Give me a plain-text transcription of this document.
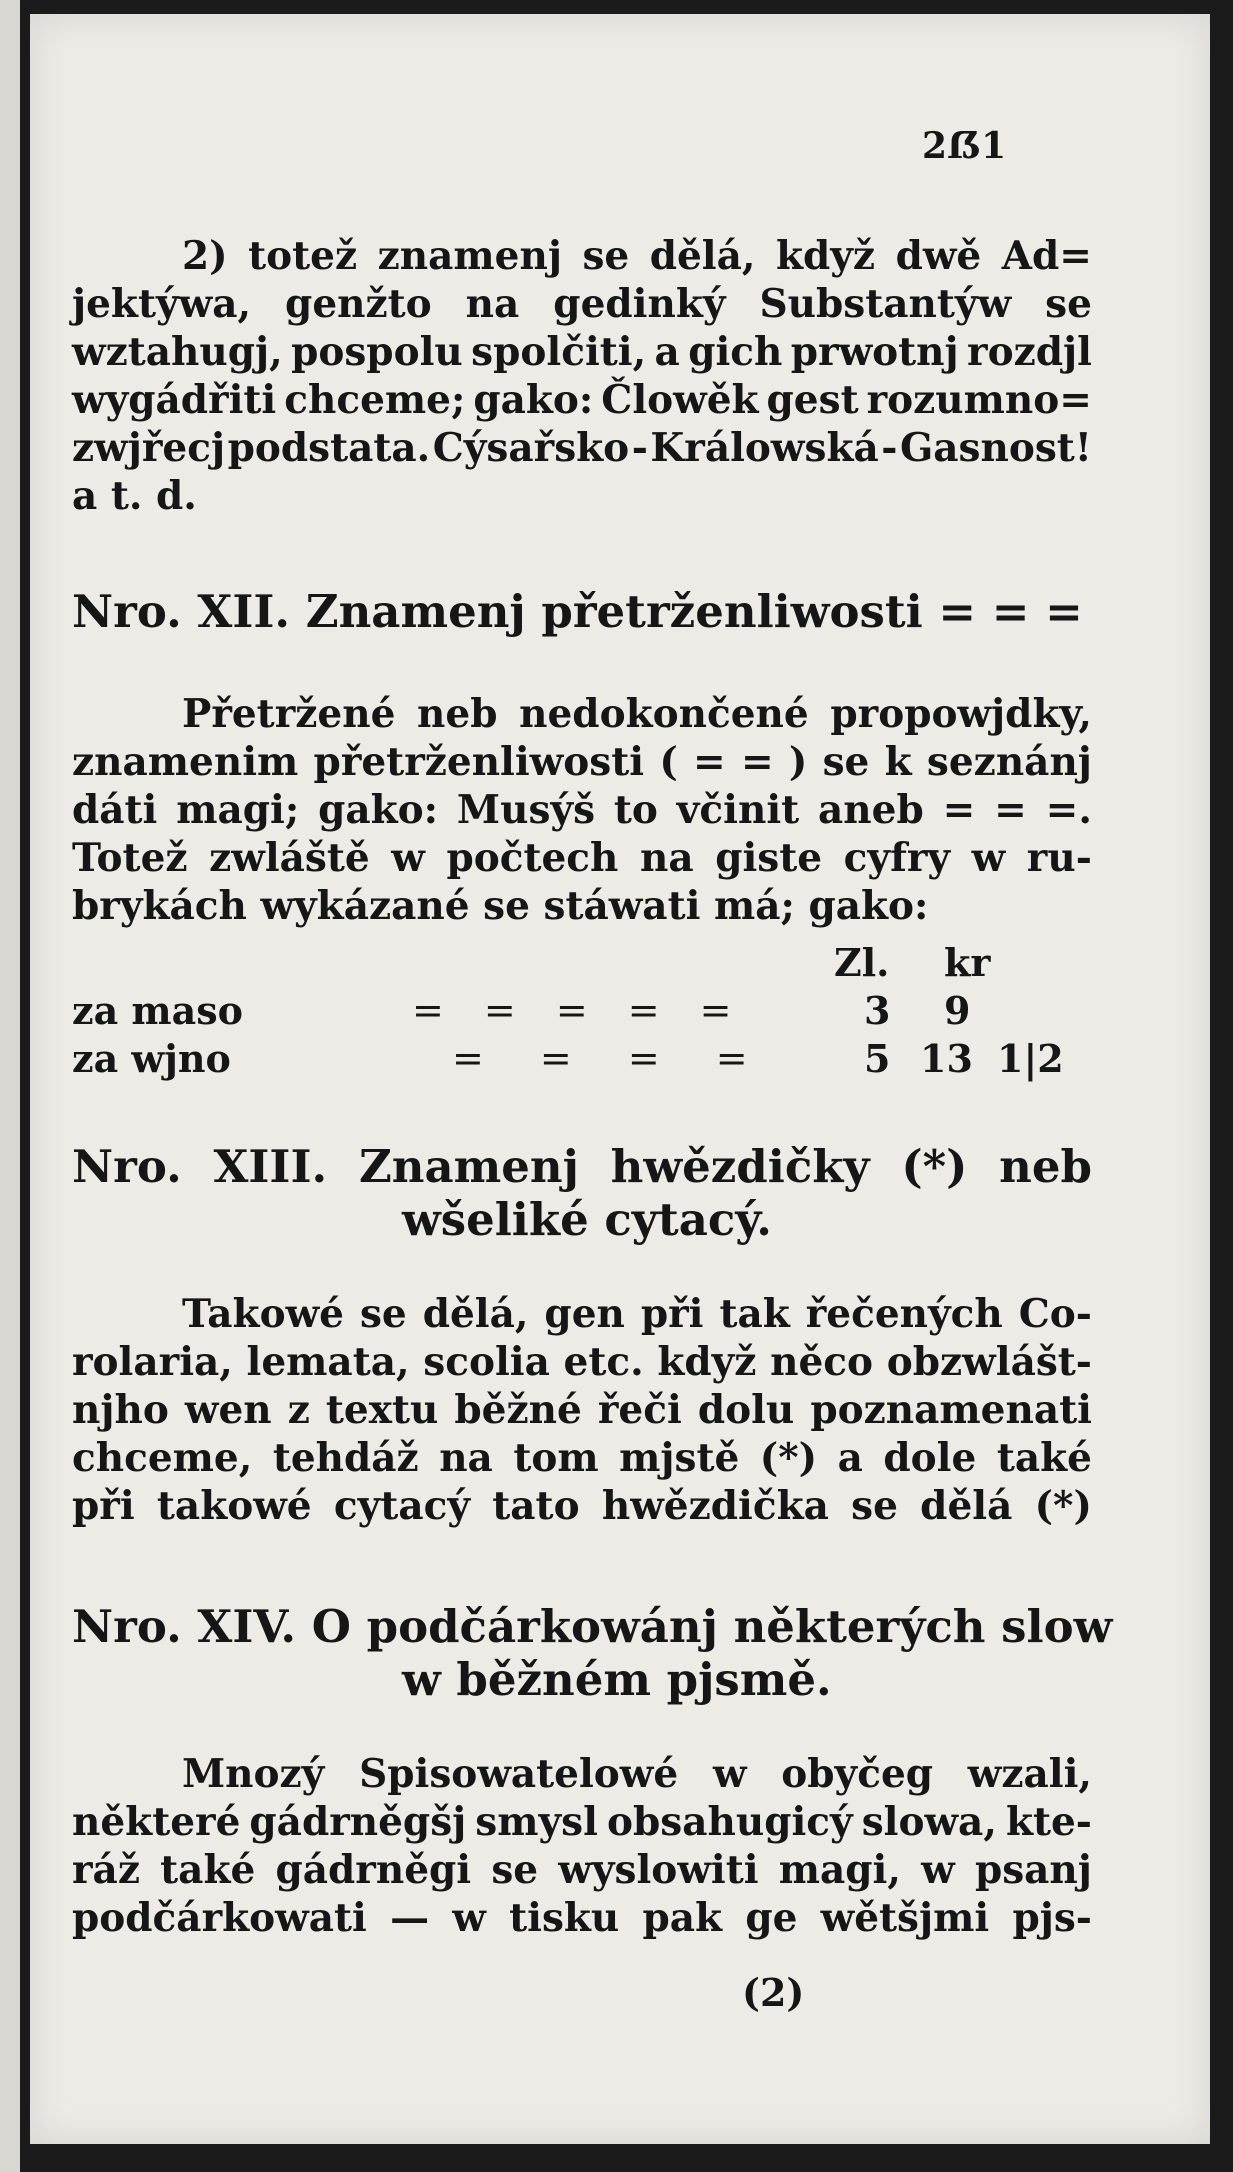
2ẞ1
2) totež znamenj se dělá, když dwě Ad=
jektýwa, genžto na gedinký Substantýw se
wztahugj, pospolu spolčiti, a gich prwotnj rozdjl
wygádřiti chceme; gako: Člowěk gest rozumno=
zwjřecj podstata. Cýsařsko - Králowská - Gasnost!
a t. d.
Nro. XII. Znamenj přetrženliwosti = = =
Přetržené neb nedokončené propowjdky,
znamenim přetrženliwosti ( = = ) se k seznánj
dáti magi; gako: Musýš to včinit aneb = = =.
Totež zwláště w počtech na giste cyfry w ru-
brykách wykázané se stáwati má; gako:
Zl. kr
za maso	= = = = =	3 9
za wjno	= = = = 5 13 1|2
Nro. XIII. Znamenj hwězdičky (*) neb
wšeliké cytacý.
Takowé se dělá, gen při tak řečených Co-
rolaria, lemata, scolia etc. když něco obzwlášt-
njho wen z textu běžné řeči dolu poznamenati
chceme, tehdáž na tom mjstě (*) a dole také
při takowé cytacý tato hwězdička se dělá (*)
Nro. XIV. O podčárkowánj některých slow
w běžném pjsmě.
Mnozý Spisowatelowé w obyčeg wzali,
některé gádrněgšj smysl obsahugicý slowa, kte-
ráž také gádrněgi se wyslowiti magi, w psanj
podčárkowati — w tisku pak ge wětšjmi pjs-
(2)
